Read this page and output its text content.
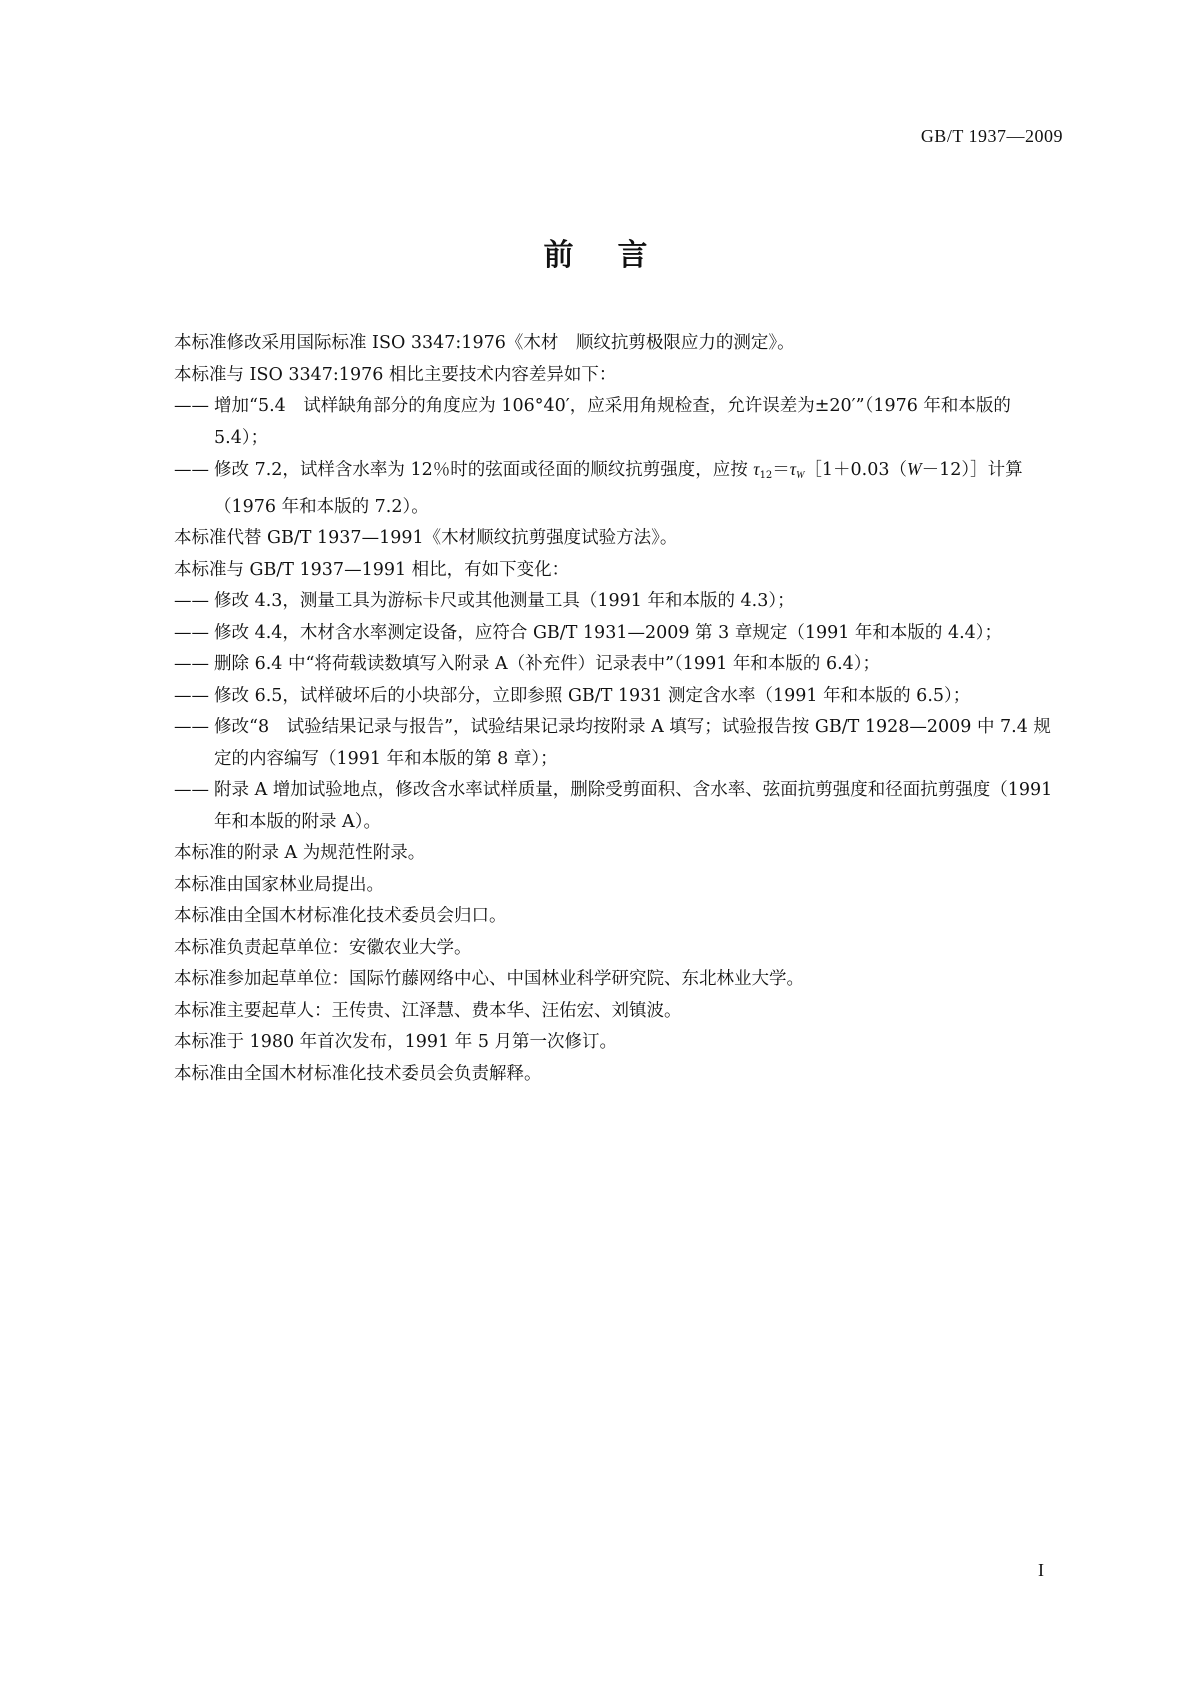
GB/T 1937—2009
前言

本标准修改采用国际标准 ISO 3347:1976《木材　顺纹抗剪极限应力的测定》。

本标准与 ISO 3347:1976 相比主要技术内容差异如下：

—— 增加“5.4　试样缺角部分的角度应为 106°40′，应采用角规检查，允许误差为±20′”（1976 年和本版的 5.4）；

—— 修改 7.2，试样含水率为 12％时的弦面或径面的顺纹抗剪强度，应按 $\tau_{12}=\tau_W[1+0.03(W-12)]$计算（1976 年和本版的 7.2）。

本标准代替 GB/T 1937—1991《木材顺纹抗剪强度试验方法》。

本标准与 GB/T 1937—1991 相比，有如下变化：

—— 修改 4.3，测量工具为游标卡尺或其他测量工具（1991 年和本版的 4.3）；

—— 修改 4.4，木材含水率测定设备，应符合 GB/T 1931—2009 第 3 章规定（1991 年和本版的 4.4）；

—— 删除 6.4 中“将荷载读数填写入附录 A（补充件）记录表中”（1991 年和本版的 6.4）；

—— 修改 6.5，试样破坏后的小块部分，立即参照 GB/T 1931 测定含水率（1991 年和本版的 6.5）；

—— 修改“8　试验结果记录与报告”，试验结果记录均按附录 A 填写；试验报告按 GB/T 1928—2009 中 7.4 规定的内容编写（1991 年和本版的第 8 章）；

—— 附录 A 增加试验地点，修改含水率试样质量，删除受剪面积、含水率、弦面抗剪强度和径面抗剪强度（1991 年和本版的附录 A）。

本标准的附录 A 为规范性附录。

本标准由国家林业局提出。

本标准由全国木材标准化技术委员会归口。

本标准负责起草单位：安徽农业大学。

本标准参加起草单位：国际竹藤网络中心、中国林业科学研究院、东北林业大学。

本标准主要起草人：王传贵、江泽慧、费本华、汪佑宏、刘镇波。

本标准于 1980 年首次发布，1991 年 5 月第一次修订。

本标准由全国木材标准化技术委员会负责解释。

I
